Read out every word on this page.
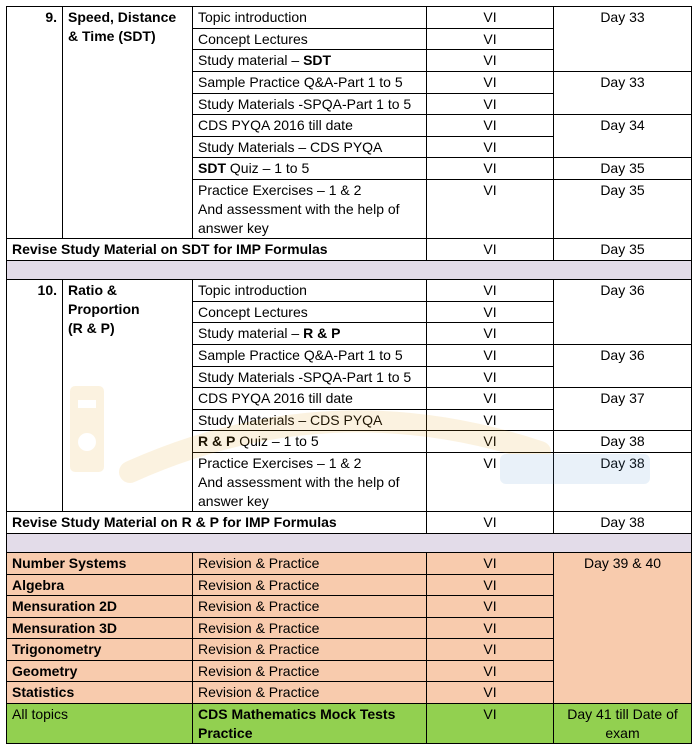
9.	Speed, Distance & Time (SDT)	Topic introduction	VI	Day 33
		Concept Lectures	VI	
		Study material – SDT	VI	
		Sample Practice Q&A-Part 1 to 5	VI	Day 33
		Study Materials -SPQA-Part 1 to 5	VI	
		CDS PYQA 2016 till date	VI	Day 34
		Study Materials – CDS PYQA	VI	
		SDT Quiz – 1 to 5	VI	Day 35

		Practice Exercises – 1 & 2
And assessment with the help of
answer key	VI	Day 35
Revise Study Material on SDT for IMP Formulas			VI	Day 35

10.	Ratio &
Proportion
(R & P)	Topic introduction	VI	Day 36
		Concept Lectures	VI	
		Study material – R & P	VI	
		Sample Practice Q&A-Part 1 to 5	VI	Day 36
		Study Materials -SPQA-Part 1 to 5	VI	
		CDS PYQA 2016 till date	VI	Day 37
		Study Materials – CDS PYQA	VI	
		R & P Quiz – 1 to 5	VI	Day 38

		Practice Exercises – 1 & 2
And assessment with the help of
answer key	VI	Day 38
Revise Study Material on R & P for IMP Formulas			VI	Day 38

Number Systems		Revision & Practice	VI	Day 39 & 40
Algebra		Revision & Practice	VI	
Mensuration 2D		Revision & Practice	VI	
Mensuration 3D		Revision & Practice	VI	
Trigonometry		Revision & Practice	VI	
Geometry		Revision & Practice	VI	
Statistics		Revision & Practice	VI	
All topics		CDS Mathematics Mock Tests Practice	VI	Day 41 till Date of exam
